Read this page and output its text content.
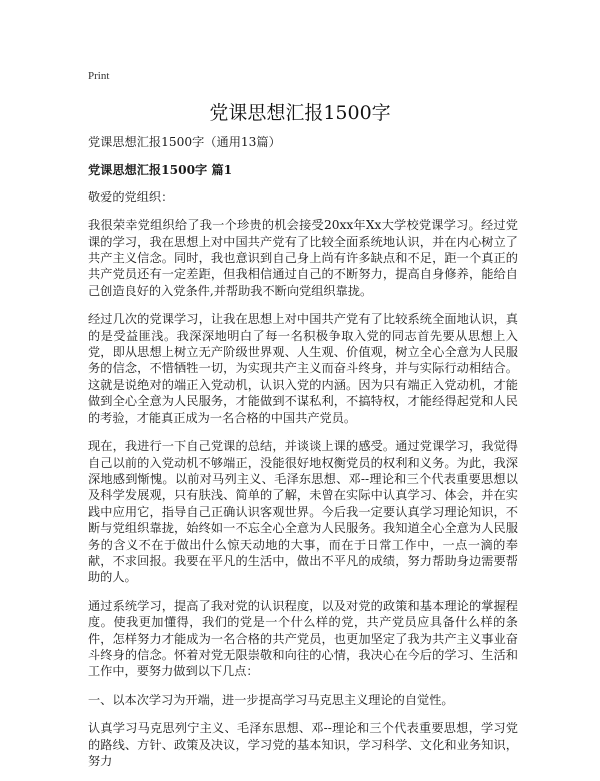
Print
党课思想汇报1500字

党课思想汇报1500字（通用13篇）

党课思想汇报1500字 篇1

敬爱的党组织：

我很荣幸党组织给了我一个珍贵的机会接受20xx年Xx大学校党课学习。经过党课的学习，我在思想上对中国共产党有了比较全面系统地认识，并在内心树立了共产主义信念。同时，我也意识到自己身上尚有许多缺点和不足，距一个真正的共产党员还有一定差距，但我相信通过自己的不断努力，提高自身修养，能给自己创造良好的入党条件,并帮助我不断向党组织靠拢。

经过几次的党课学习，让我在思想上对中国共产党有了比较系统全面地认识，真的是受益匪浅。我深深地明白了每一名积极争取入党的同志首先要从思想上入党，即从思想上树立无产阶级世界观、人生观、价值观，树立全心全意为人民服务的信念，不惜牺牲一切，为实现共产主义而奋斗终身，并与实际行动相结合。这就是说绝对的端正入党动机，认识入党的内涵。因为只有端正入党动机，才能做到全心全意为人民服务，才能做到不谋私利，不搞特权，才能经得起党和人民的考验，才能真正成为一名合格的中国共产党员。

现在，我进行一下自己党课的总结，并谈谈上课的感受。通过党课学习，我觉得自己以前的入党动机不够端正，没能很好地权衡党员的权利和义务。为此，我深深地感到惭愧。以前对马列主义、毛泽东思想、邓--理论和三个代表重要思想以及科学发展观，只有肤浅、简单的了解，未曾在实际中认真学习、体会，并在实践中应用它，指导自己正确认识客观世界。今后我一定要认真学习理论知识，不断与党组织靠拢，始终如一不忘全心全意为人民服务。我知道全心全意为人民服务的含义不在于做出什么惊天动地的大事，而在于日常工作中，一点一滴的奉献，不求回报。我要在平凡的生活中，做出不平凡的成绩，努力帮助身边需要帮助的人。

通过系统学习，提高了我对党的认识程度，以及对党的政策和基本理论的掌握程度。使我更加懂得，我们的党是一个什么样的党，共产党员应具备什么样的条件，怎样努力才能成为一名合格的共产党员，也更加坚定了我为共产主义事业奋斗终身的信念。怀着对党无限崇敬和向往的心情，我决心在今后的学习、生活和工作中，要努力做到以下几点：

一、以本次学习为开端，进一步提高学习马克思主义理论的自觉性。

认真学习马克思列宁主义、毛泽东思想、邓--理论和三个代表重要思想，学习党的路线、方针、政策及决议，学习党的基本知识，学习科学、文化和业务知识，努力
